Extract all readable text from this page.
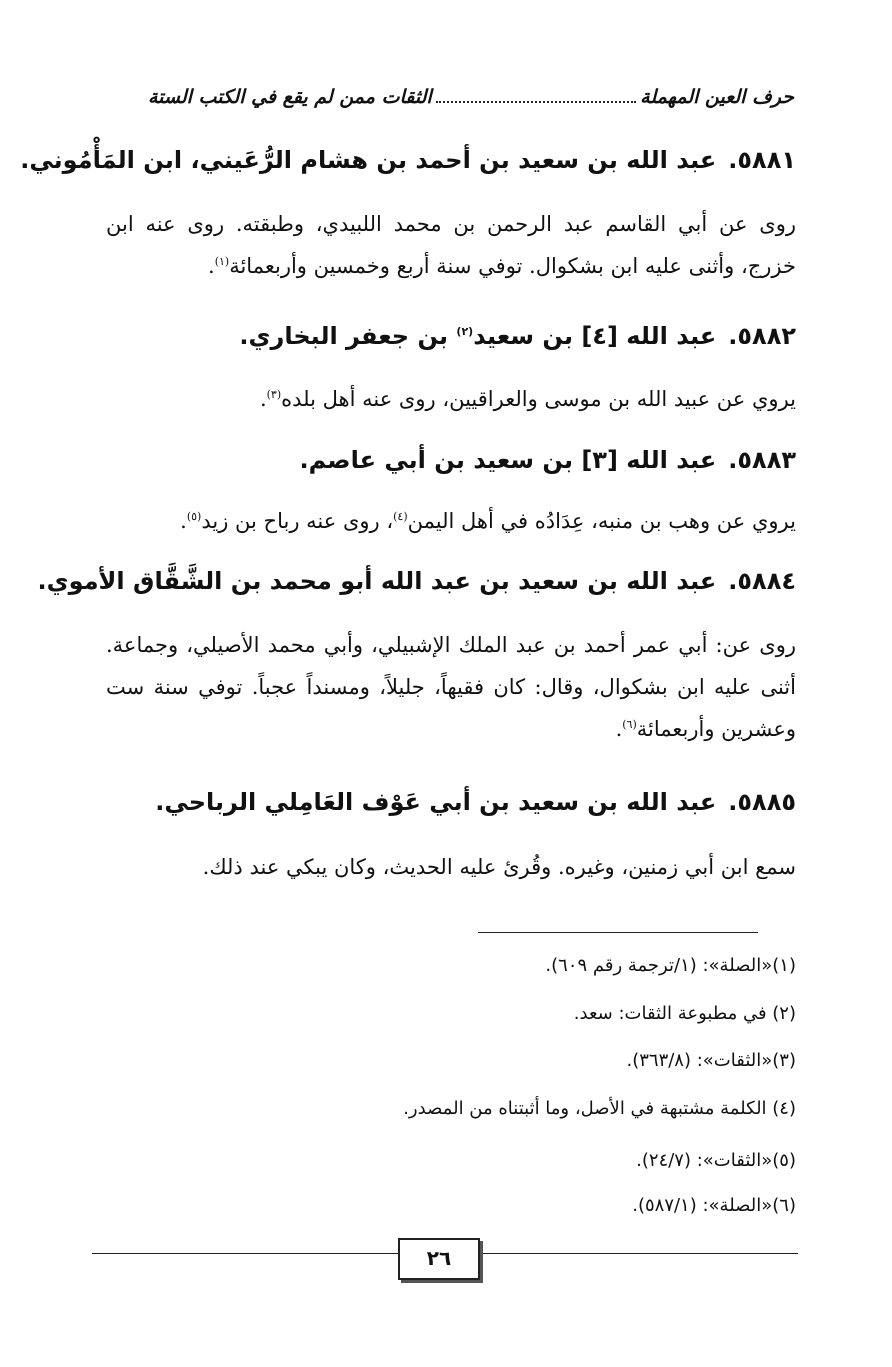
حرف العين المهملة
الثقات ممن لم يقع في الكتب الستة
٥٨٨١.عبد الله بن سعيد بن أحمد بن هشام الرُّعَيني، ابن المَأْمُوني.
روى عن أبي القاسم عبد الرحمن بن محمد اللبيدي، وطبقته. روى عنه ابن خزرج، وأثنى عليه ابن بشكوال. توفي سنة أربع وخمسين وأربعمائة$^{(١)}$.
٥٨٨٢.عبد الله [٤] بن سعيد$^{(٢)}$ بن جعفر البخاري.
يروي عن عبيد الله بن موسى والعراقيين، روى عنه أهل بلده$^{(٣)}$.
٥٨٨٣.عبد الله [٣] بن سعيد بن أبي عاصم.
يروي عن وهب بن منبه، عِدَادُه في أهل اليمن$^{(٤)}$، روى عنه رباح بن زيد$^{(٥)}$.
٥٨٨٤.عبد الله بن سعيد بن عبد الله أبو محمد بن الشَّقَّاق الأموي.
روى عن: أبي عمر أحمد بن عبد الملك الإشبيلي، وأبي محمد الأصيلي، وجماعة. أثنى عليه ابن بشكوال، وقال: كان فقيهاً، جليلاً، ومسنداً عجباً. توفي سنة ست وعشرين وأربعمائة$^{(٦)}$.
٥٨٨٥.عبد الله بن سعيد بن أبي عَوْف العَامِلي الرباحي.
سمع ابن أبي زمنين، وغيره. وقُرئ عليه الحديث، وكان يبكي عند ذلك.
(١)«الصلة»: (١/ترجمة رقم ٦٠٩).
(٢) في مطبوعة الثقات: سعد.
(٣)«الثقات»: (٣٦٣/٨).
(٤) الكلمة مشتبهة في الأصل، وما أثبتناه من المصدر.
(٥)«الثقات»: (٢٤/٧).
(٦)«الصلة»: (٥٨٧/١).
٢٦
